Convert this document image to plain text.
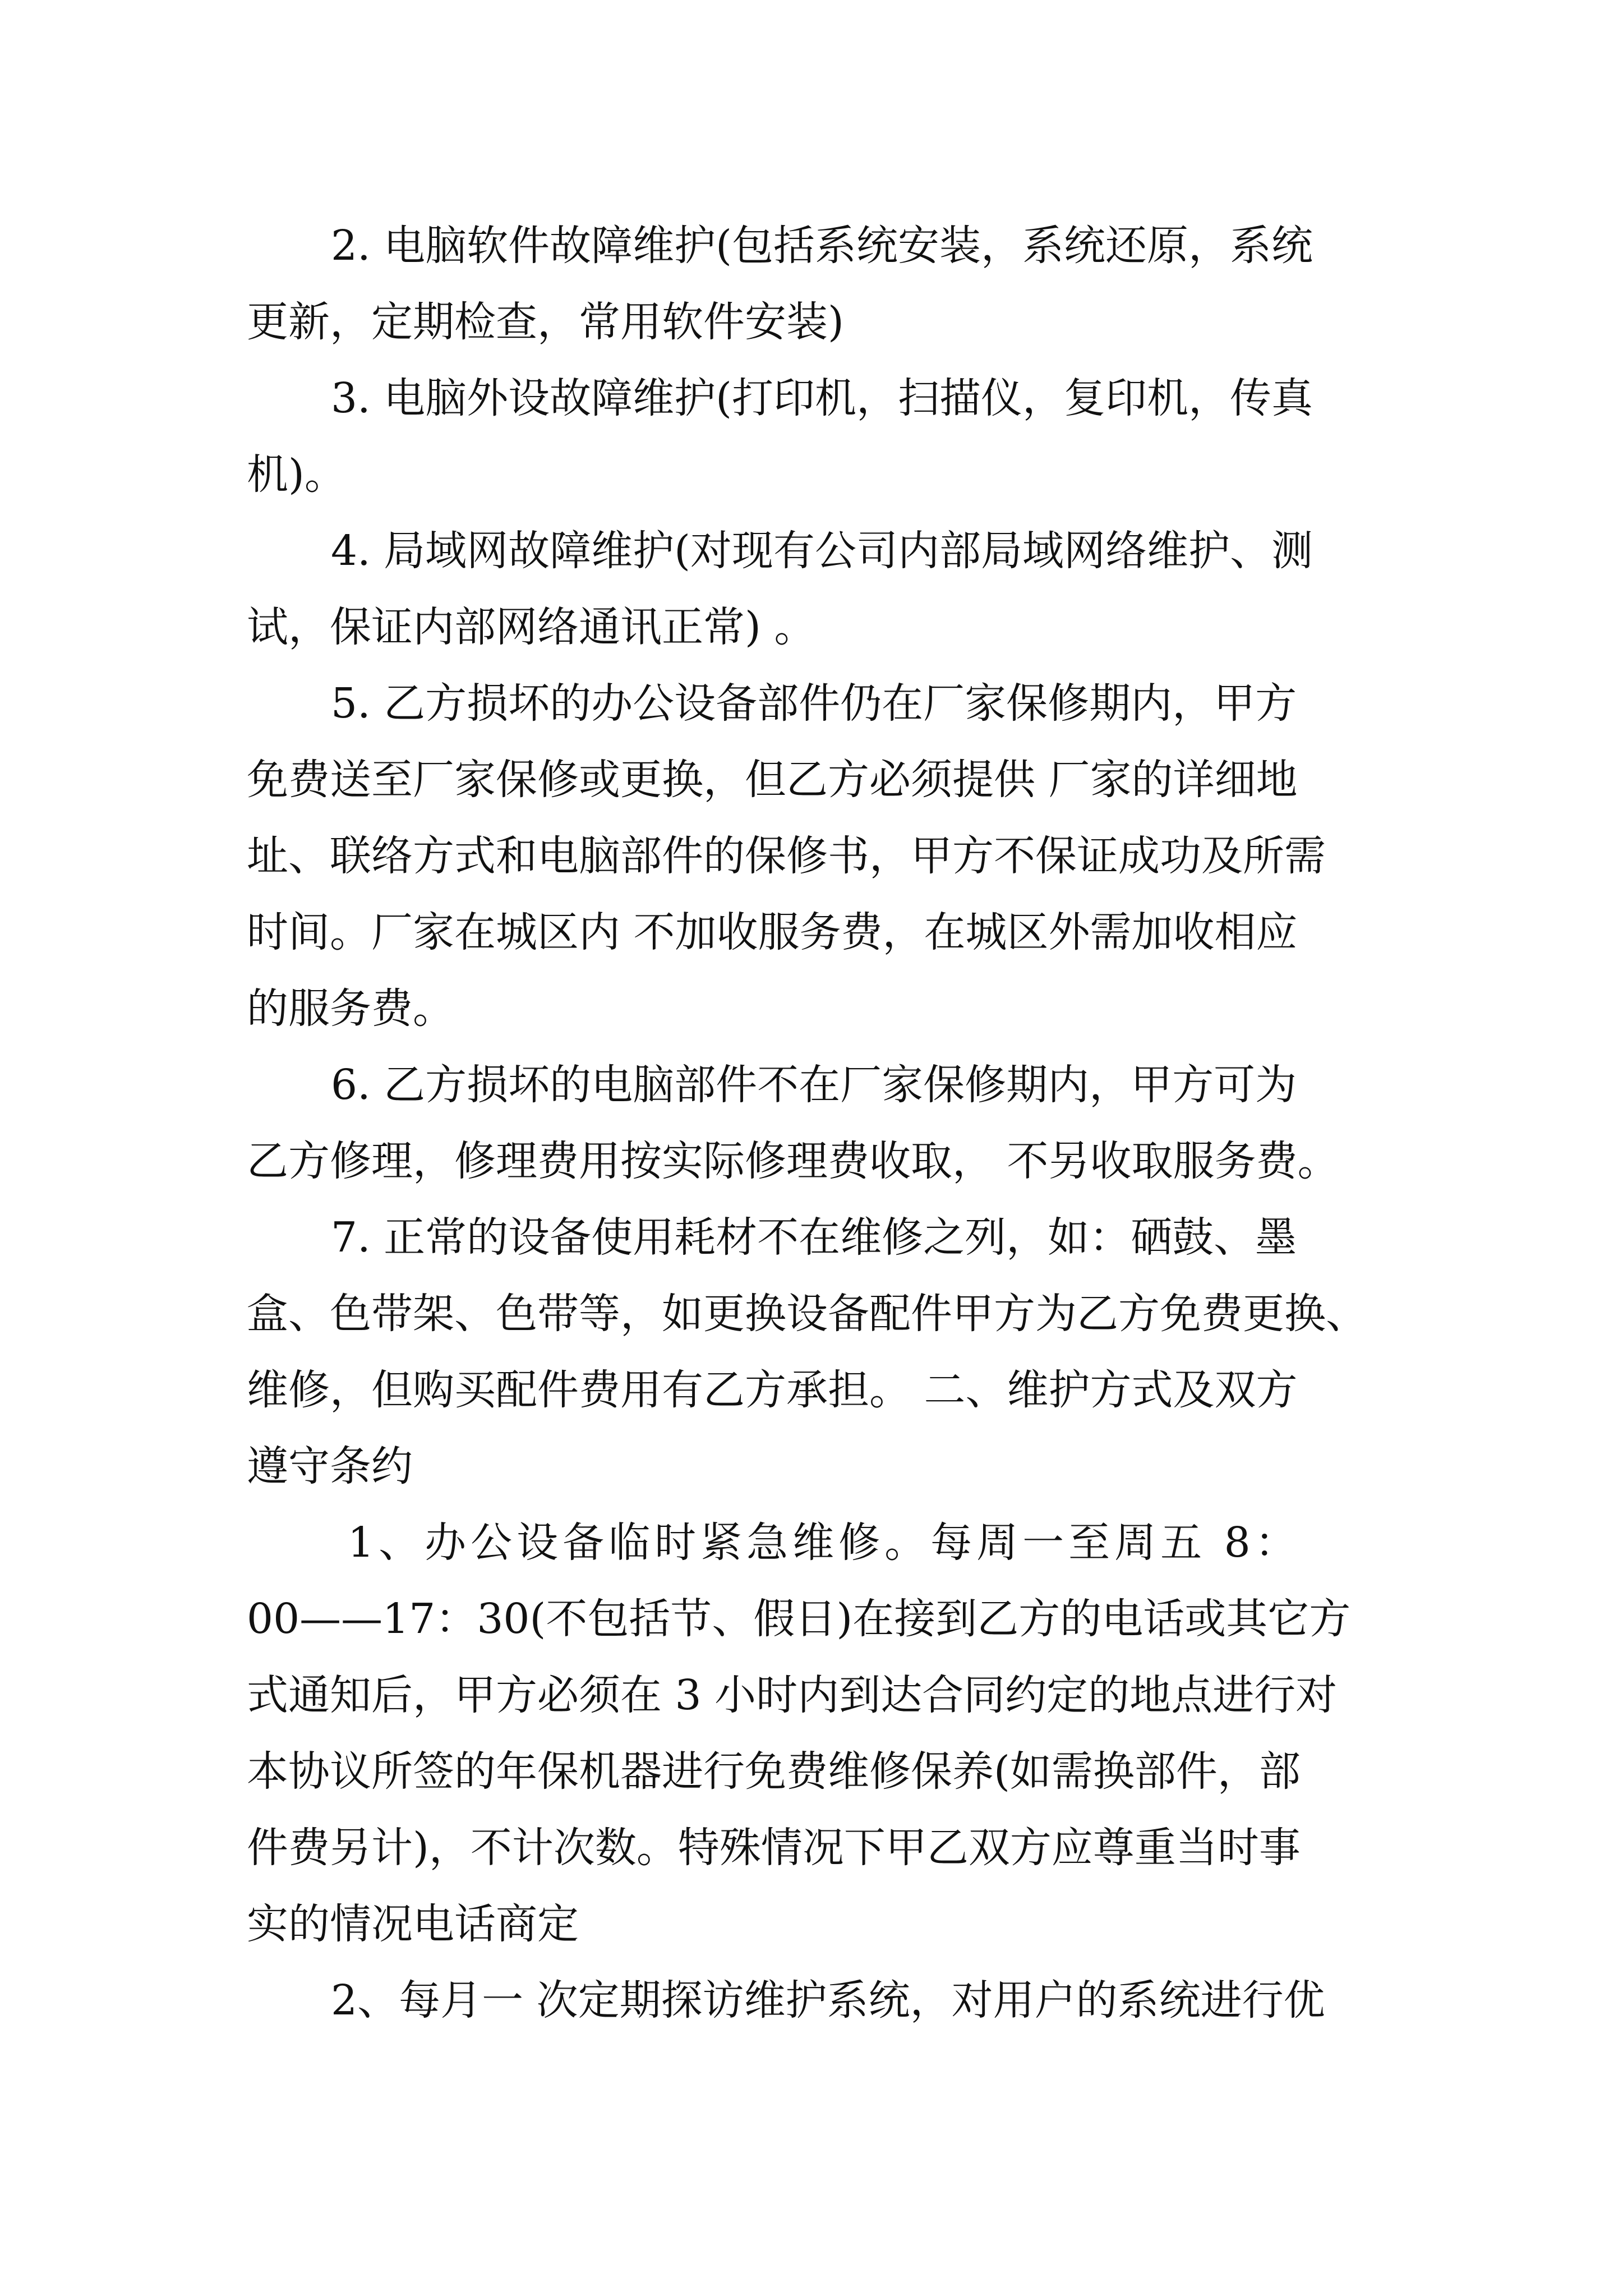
2. 电脑软件故障维护(包括系统安装，系统还原，系统
更新，定期检查，常用软件安装)
3. 电脑外设故障维护(打印机，扫描仪，复印机，传真
机)。
4. 局域网故障维护(对现有公司内部局域网络维护、测
试，保证内部网络通讯正常) 。
5. 乙方损坏的办公设备部件仍在厂家保修期内，甲方
免费送至厂家保修或更换，但乙方必须提供 厂家的详细地
址、联络方式和电脑部件的保修书，甲方不保证成功及所需
时间。厂家在城区内 不加收服务费，在城区外需加收相应
的服务费。
6. 乙方损坏的电脑部件不在厂家保修期内，甲方可为
乙方修理，修理费用按实际修理费收取， 不另收取服务费。
7. 正常的设备使用耗材不在维修之列，如：硒鼓、墨
盒、色带架、色带等，如更换设备配件甲方为乙方免费更换、
维修，但购买配件费用有乙方承担。 二、维护方式及双方
遵守条约
1、办公设备临时紧急维修。每周一至周五 8：
00——17：30(不包括节、假日)在接到乙方的电话或其它方
式通知后，甲方必须在 3 小时内到达合同约定的地点进行对
本协议所签的年保机器进行免费维修保养(如需换部件，部
件费另计)，不计次数。特殊情况下甲乙双方应尊重当时事
实的情况电话商定
2、每月一 次定期探访维护系统，对用户的系统进行优
